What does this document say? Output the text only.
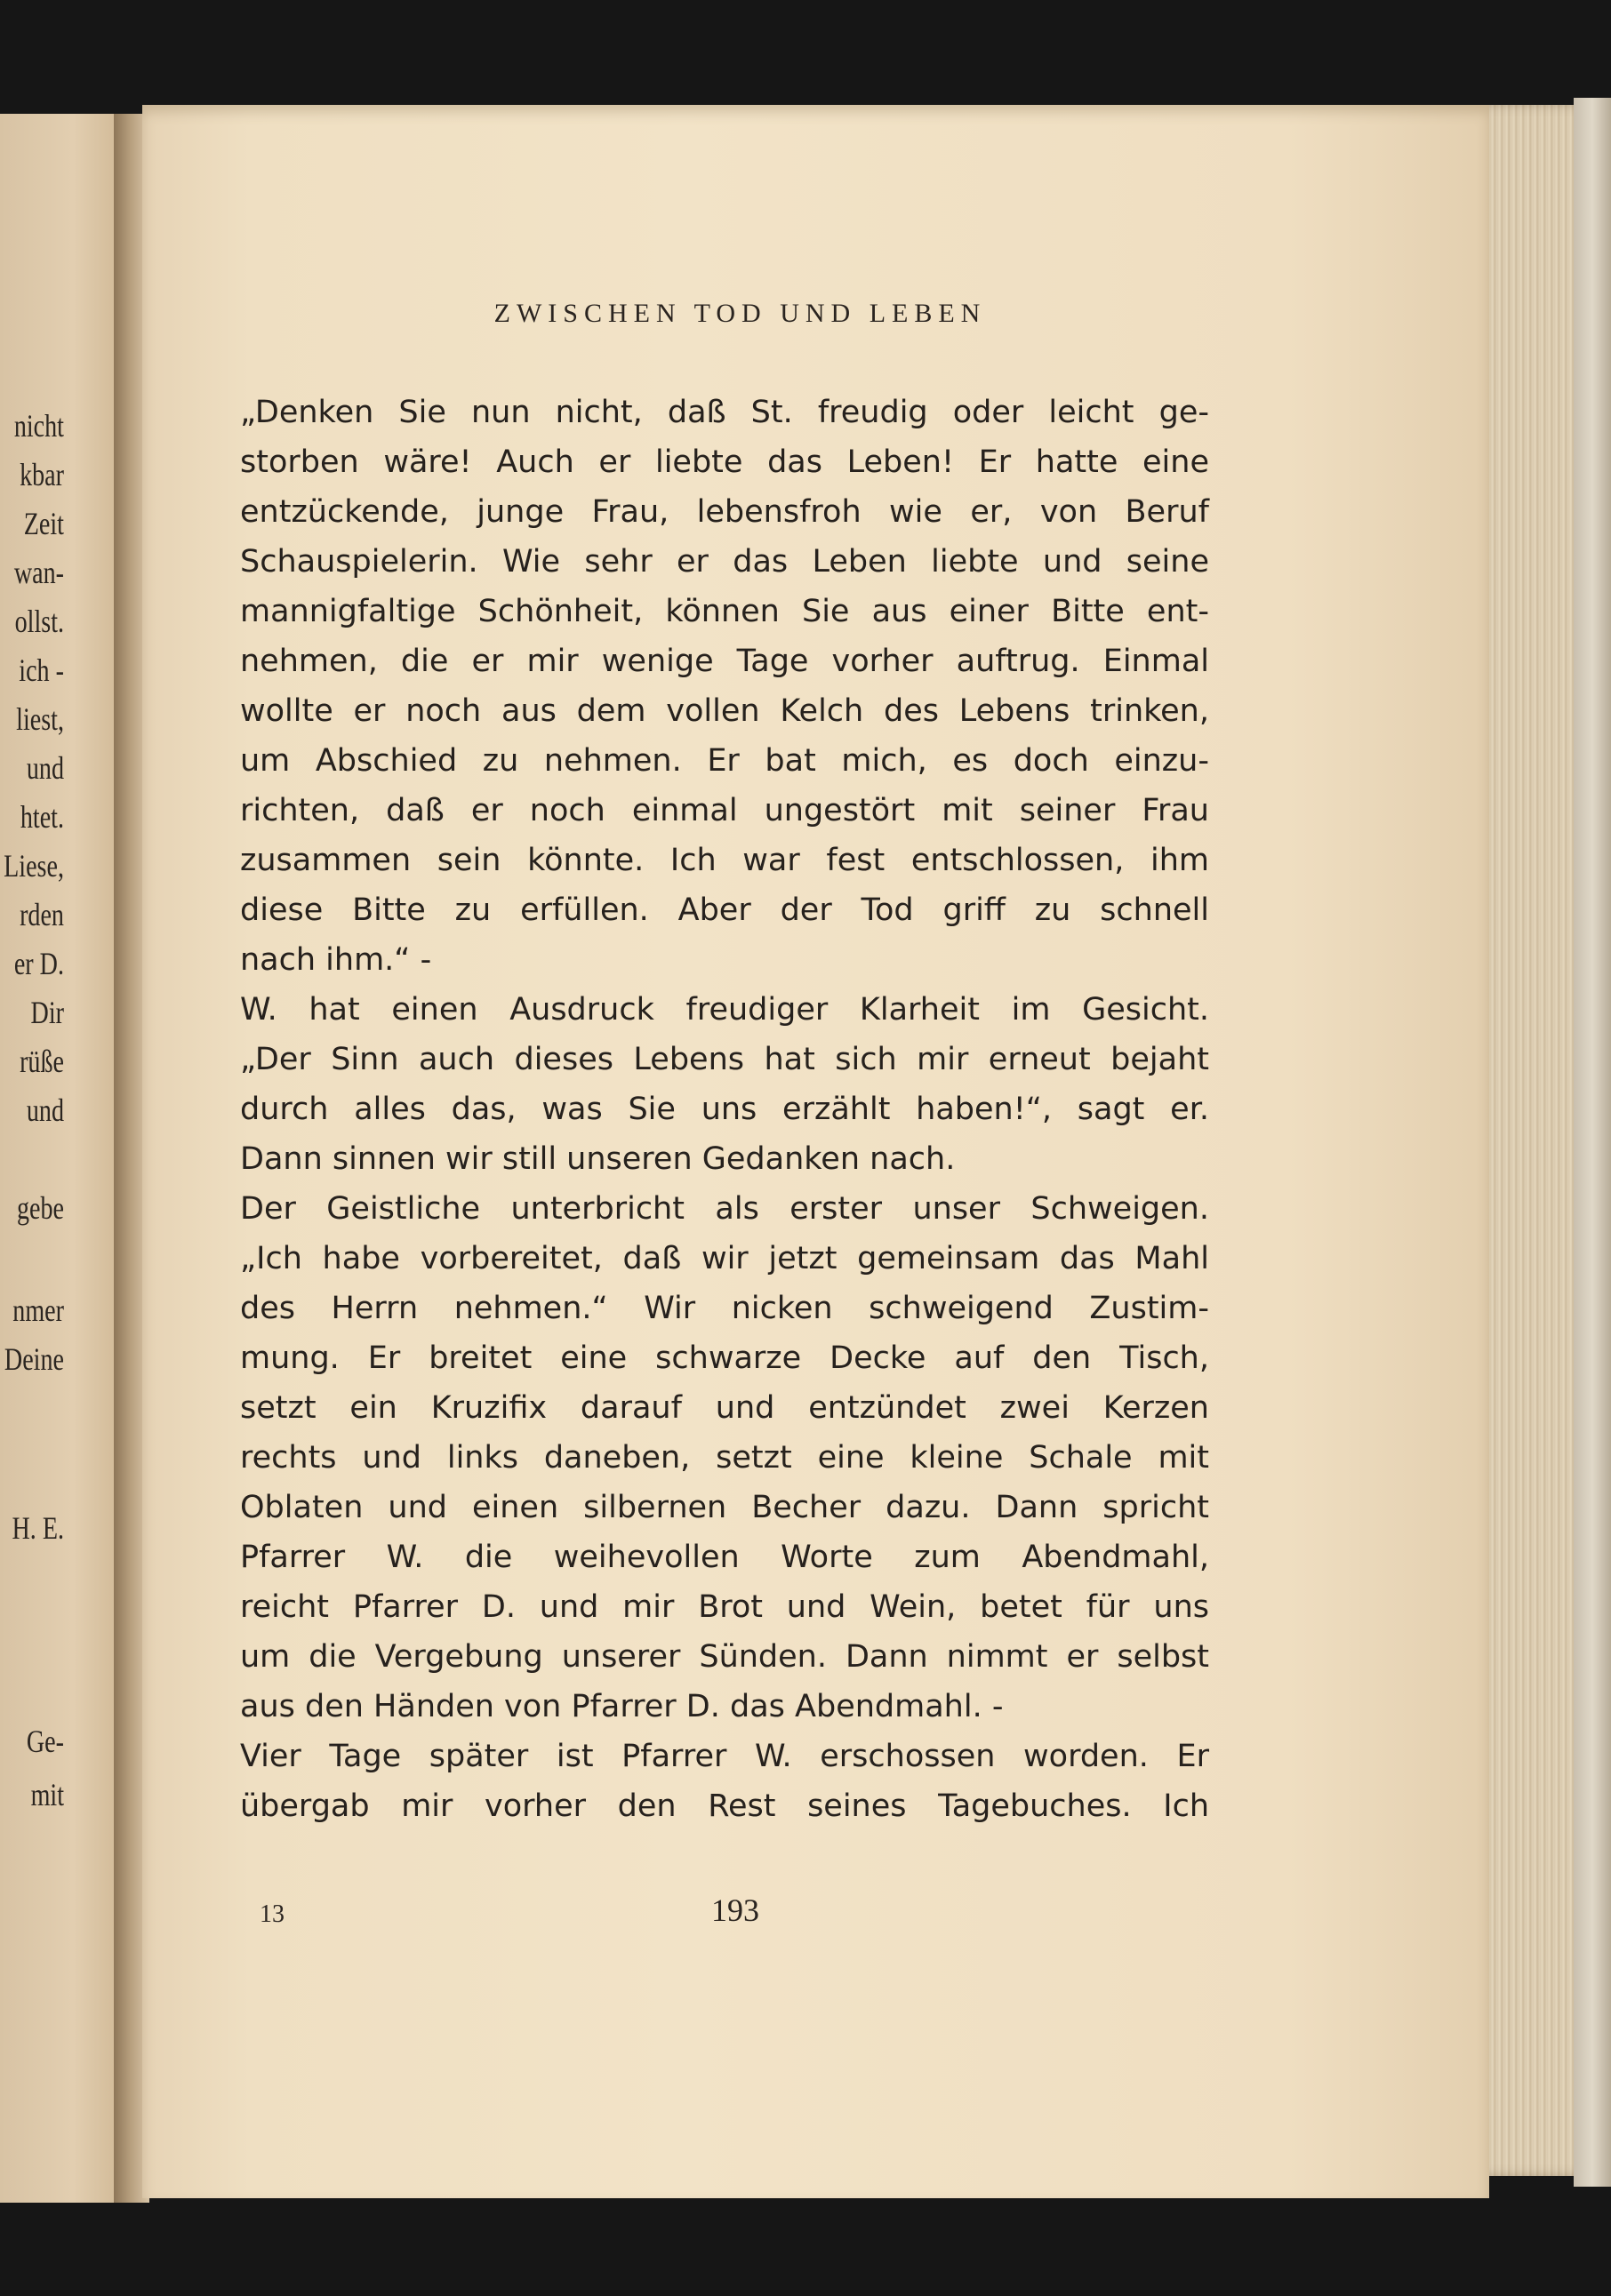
nicht
kbar
Zeit
wan-
ollst.
ich -
liest,
und
htet.
Liese,
rden
er D.
Dir
rüße
und
gebe
nmer
Deine
H. E.
Ge-
mit
ZWISCHEN TOD UND LEBEN
„Denken Sie nun nicht, daß St. freudig oder leicht ge-
storben wäre! Auch er liebte das Leben! Er hatte eine
entzückende, junge Frau, lebensfroh wie er, von Beruf
Schauspielerin. Wie sehr er das Leben liebte und seine
mannigfaltige Schönheit, können Sie aus einer Bitte ent-
nehmen, die er mir wenige Tage vorher auftrug. Einmal
wollte er noch aus dem vollen Kelch des Lebens trinken,
um Abschied zu nehmen. Er bat mich, es doch einzu-
richten, daß er noch einmal ungestört mit seiner Frau
zusammen sein könnte. Ich war fest entschlossen, ihm
diese Bitte zu erfüllen. Aber der Tod griff zu schnell
nach ihm.“ -
W. hat einen Ausdruck freudiger Klarheit im Gesicht.
„Der Sinn auch dieses Lebens hat sich mir erneut bejaht
durch alles das, was Sie uns erzählt haben!“, sagt er.
Dann sinnen wir still unseren Gedanken nach.
Der Geistliche unterbricht als erster unser Schweigen.
„Ich habe vorbereitet, daß wir jetzt gemeinsam das Mahl
des Herrn nehmen.“ Wir nicken schweigend Zustim-
mung. Er breitet eine schwarze Decke auf den Tisch,
setzt ein Kruzifix darauf und entzündet zwei Kerzen
rechts und links daneben, setzt eine kleine Schale mit
Oblaten und einen silbernen Becher dazu. Dann spricht
Pfarrer W. die weihevollen Worte zum Abendmahl,
reicht Pfarrer D. und mir Brot und Wein, betet für uns
um die Vergebung unserer Sünden. Dann nimmt er selbst
aus den Händen von Pfarrer D. das Abendmahl. -
Vier Tage später ist Pfarrer W. erschossen worden. Er
übergab mir vorher den Rest seines Tagebuches. Ich
13	193
